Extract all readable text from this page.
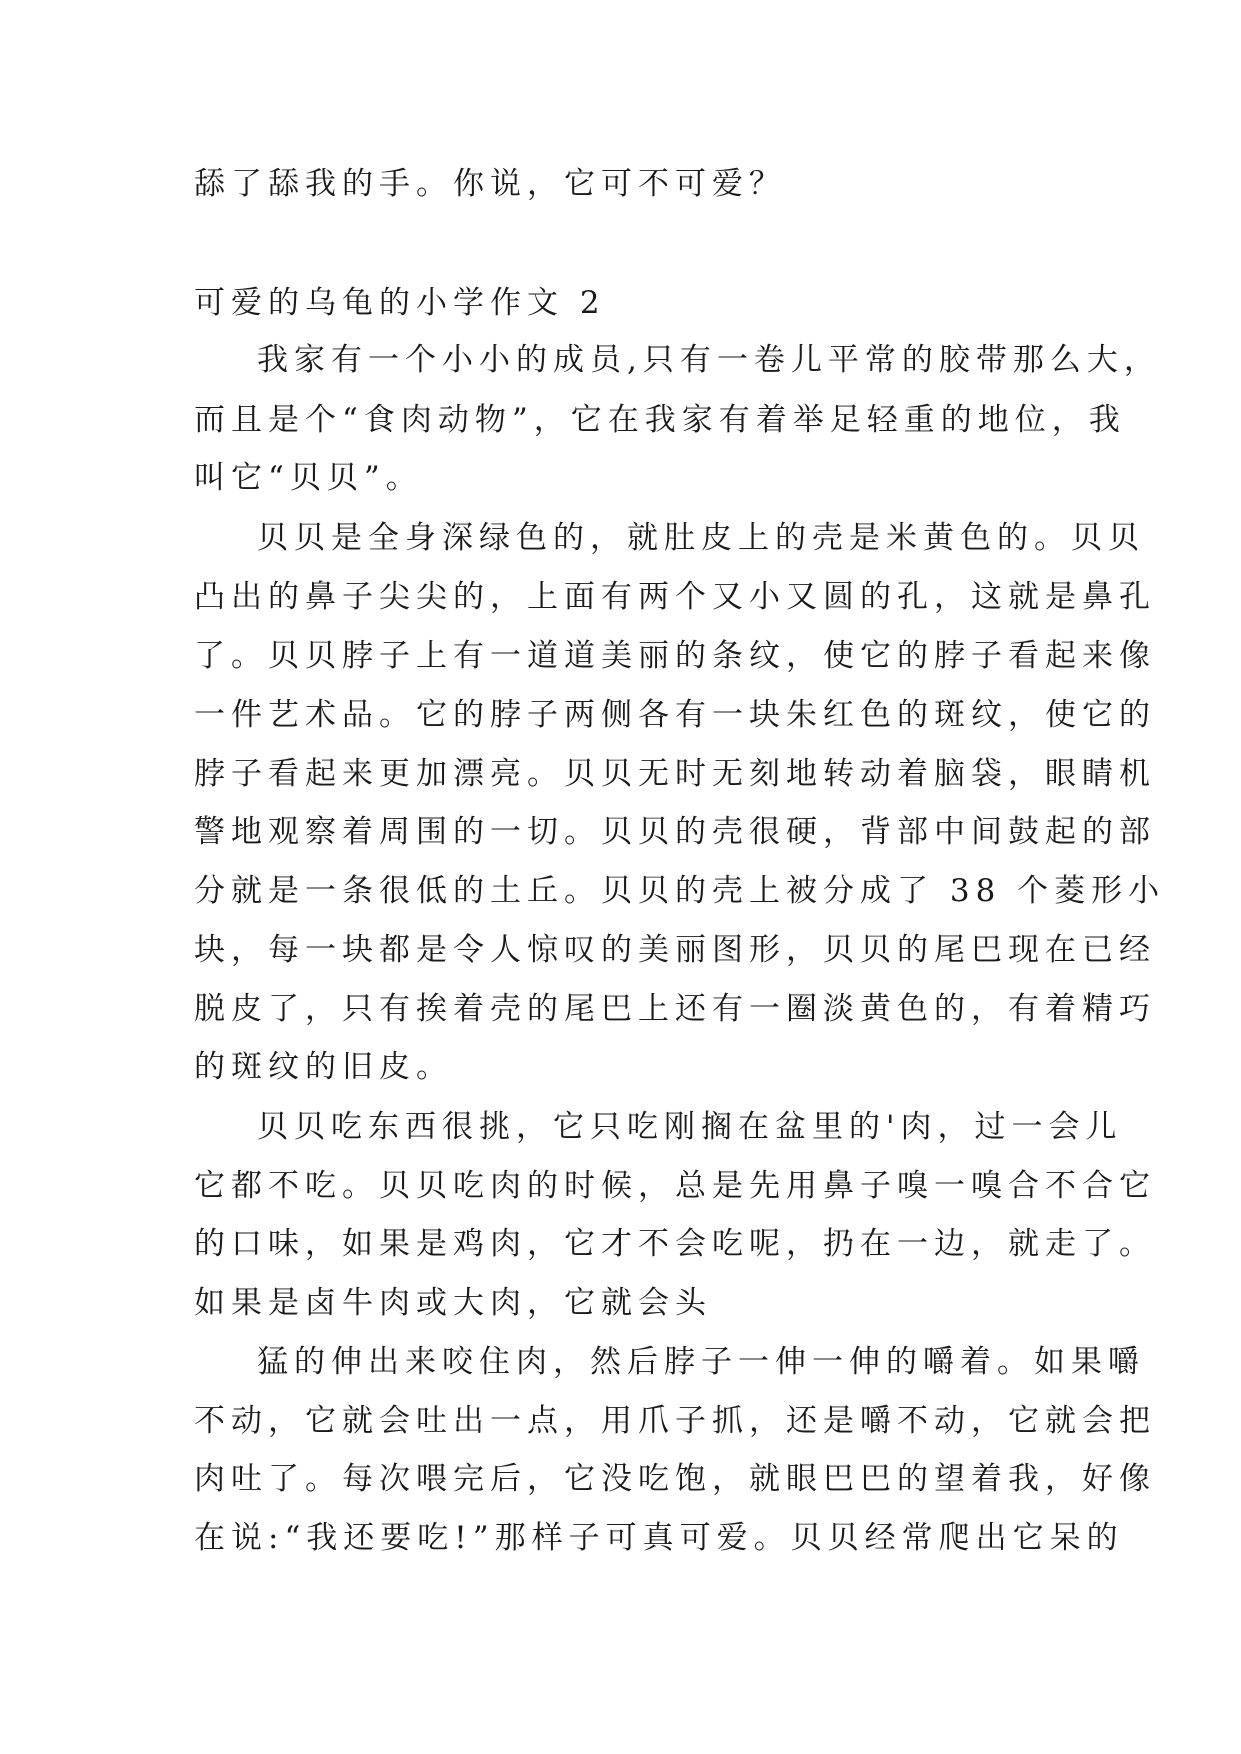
舔了舔我的手。你说，它可不可爱？

可爱的乌龟的小学作文 2

我家有一个小小的成员,只有一卷儿平常的胶带那么大，

而且是个“食肉动物”，它在我家有着举足轻重的地位，我

叫它“贝贝”。

贝贝是全身深绿色的，就肚皮上的壳是米黄色的。贝贝

凸出的鼻子尖尖的，上面有两个又小又圆的孔，这就是鼻孔

了。贝贝脖子上有一道道美丽的条纹，使它的脖子看起来像

一件艺术品。它的脖子两侧各有一块朱红色的斑纹，使它的

脖子看起来更加漂亮。贝贝无时无刻地转动着脑袋，眼睛机

警地观察着周围的一切。贝贝的壳很硬，背部中间鼓起的部

分就是一条很低的土丘。贝贝的壳上被分成了 38 个菱形小

块，每一块都是令人惊叹的美丽图形，贝贝的尾巴现在已经

脱皮了，只有挨着壳的尾巴上还有一圈淡黄色的，有着精巧

的斑纹的旧皮。

贝贝吃东西很挑，它只吃刚搁在盆里的'肉，过一会儿

它都不吃。贝贝吃肉的时候，总是先用鼻子嗅一嗅合不合它

的口味，如果是鸡肉，它才不会吃呢，扔在一边，就走了。

如果是卤牛肉或大肉，它就会头

猛的伸出来咬住肉，然后脖子一伸一伸的嚼着。如果嚼

不动，它就会吐出一点，用爪子抓，还是嚼不动，它就会把

肉吐了。每次喂完后，它没吃饱，就眼巴巴的望着我，好像

在说:“我还要吃!”那样子可真可爱。贝贝经常爬出它呆的
